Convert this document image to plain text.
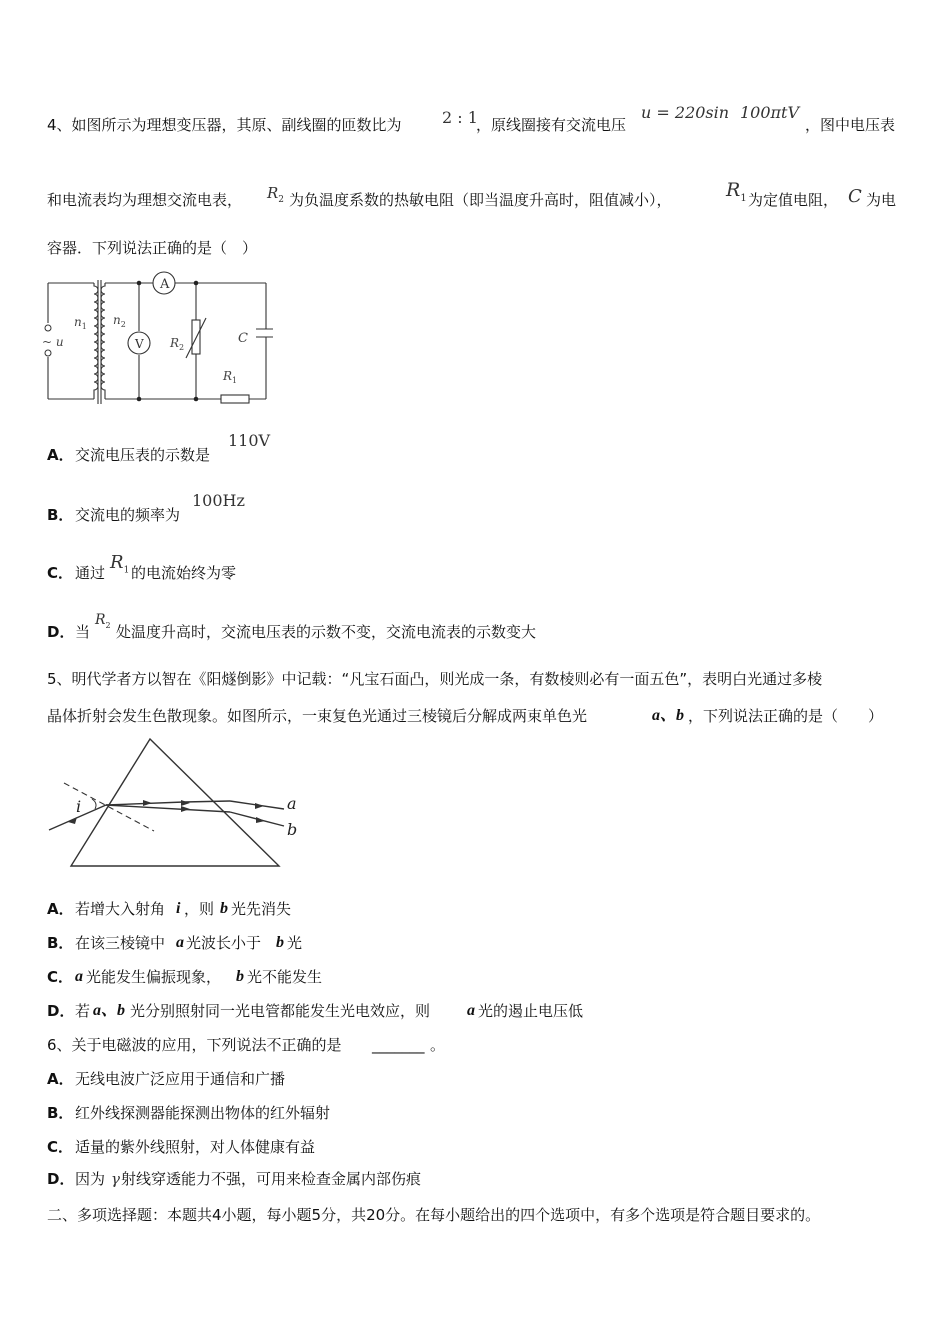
4、如图所示为理想变压器，其原、副线圈的匝数比为	2 : 1
，原线圈接有交流电压
u = 220sin 100πtV
，图中电压表
和电流表均为理想交流电表， $R_2$ 为负温度系数的热敏电阻（即当温度升高时，阻值减小），	$R_1$ 为定值电阻， C 为电
容器．下列说法正确的是（　）
A
V
$n_1$ $n_2$
~ u	$R_2$
C
$R_1$
A． 交流电压表的示数是
110V
B． 交流电的频率为
100Hz
C． 通过 $R_1$ 的电流始终为零
D． 当
$R_2$ 处温度升高时，交流电压表的示数不变，交流电流表的示数变大
5、明代学者方以智在《阳燧倒影》中记载：“凡宝石面凸，则光成一条，有数棱则必有一面五色”，表明白光通过多棱
晶体折射会发生色散现象。如图所示，一束复色光通过三棱镜后分解成两束单色光	a、b ，下列说法正确的是（　　）
i	a
b
A． 若增大入射角 i ，则 b 光先消失
B． 在该三棱镜中 a 光波长小于 b 光
C． a 光能发生偏振现象， b 光不能发生
D． 若 a、b 光分别照射同一光电管都能发生光电效应，则 a 光的遏止电压低
6、关于电磁波的应用，下列说法不正确的是 _______ 。
A． 无线电波广泛应用于通信和广播
B． 红外线探测器能探测出物体的红外辐射
C． 适量的紫外线照射，对人体健康有益
D． 因为 γ 射线穿透能力不强，可用来检查金属内部伤痕
二、多项选择题：本题共4小题，每小题5分，共20分。在每小题给出的四个选项中，有多个选项是符合题目要求的。
